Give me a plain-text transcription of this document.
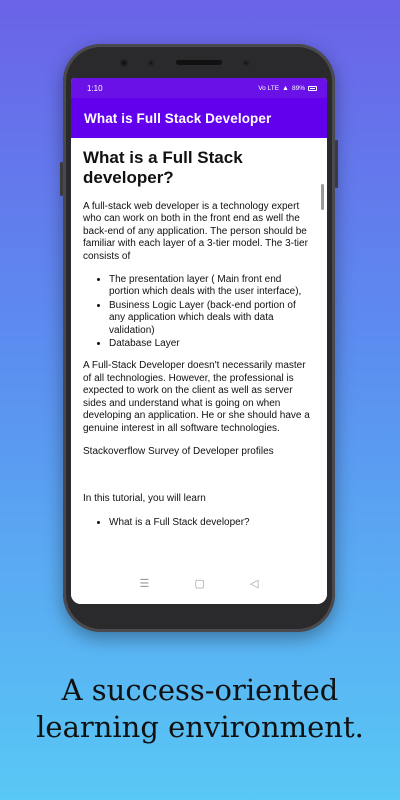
1:10	Vo LTE ▲ 89%
What is Full Stack Developer
What is a Full Stack developer?

A full-stack web developer is a technology expert who can work on both in the front end as well the back-end of any application. The person should be familiar with each layer of a 3-tier model. The 3-tier consists of

• The presentation layer ( Main front end portion which deals with the user interface),
• Business Logic Layer (back-end portion of any application which deals with data validation)
• Database Layer

A Full-Stack Developer doesn't necessarily master of all technologies. However, the professional is expected to work on the client as well as server sides and understand what is going on when developing an application. He or she should have a genuine interest in all software technologies.

Stackoverflow Survey of Developer profiles

In this tutorial, you will learn

• What is a Full Stack developer?
☰	▢	◁
A success-oriented
learning environment.
